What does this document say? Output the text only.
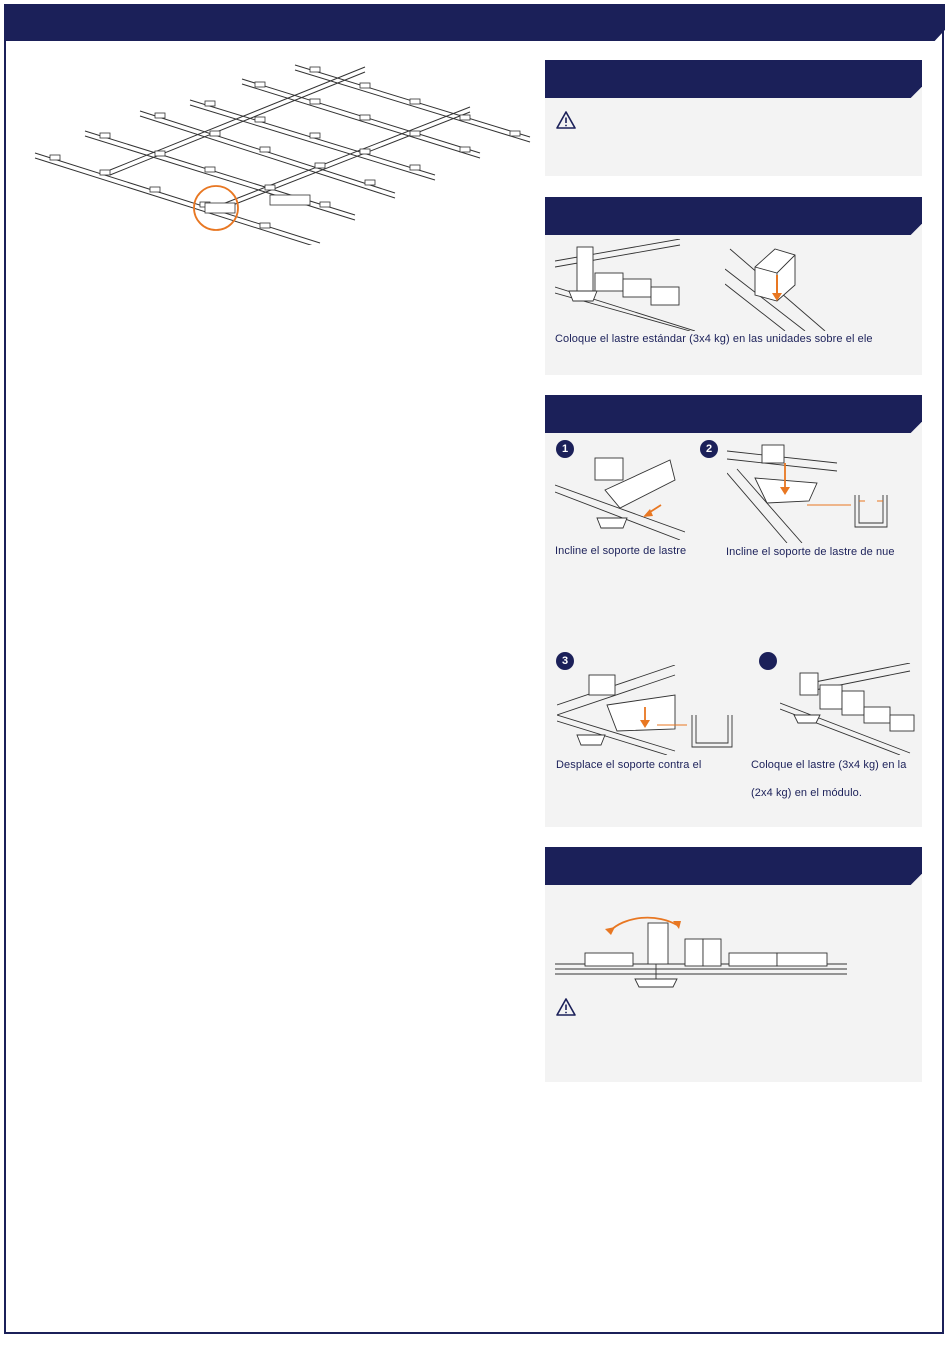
Coloque el lastre estándar (3x4 kg) en las unidades sobre el ele
1
Incline el soporte de lastre
2
Incline el soporte de lastre de nue
3
Desplace el soporte contra el	Coloque el lastre (3x4 kg) en la
(2x4 kg) en el módulo.
